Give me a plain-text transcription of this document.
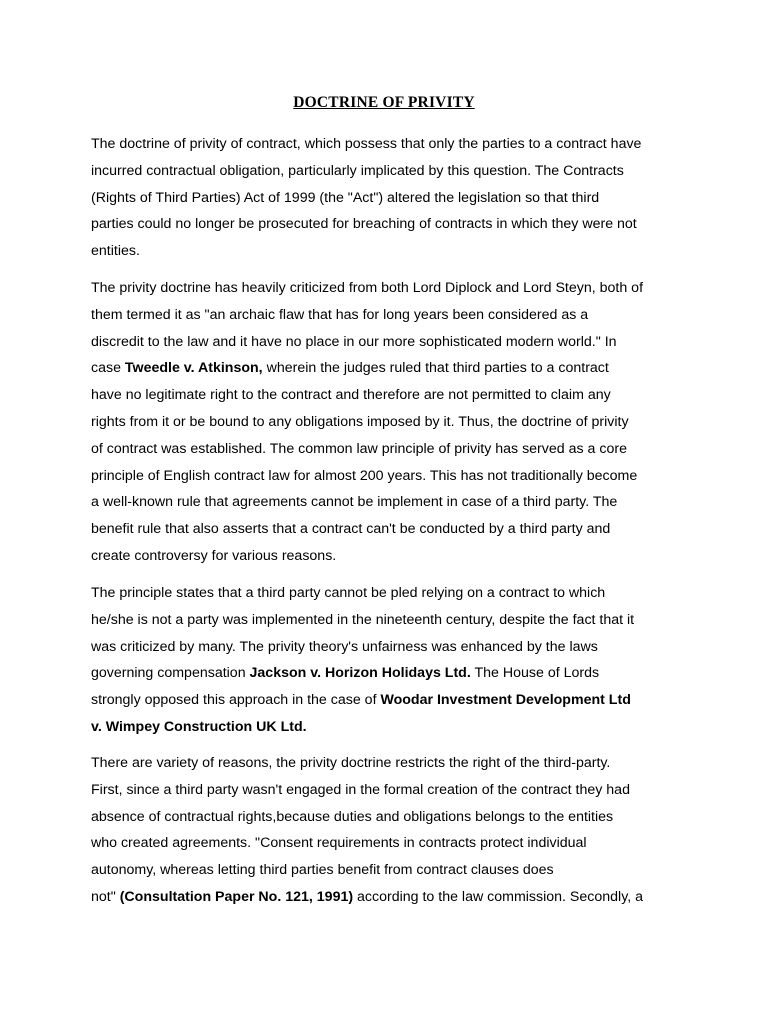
DOCTRINE OF PRIVITY
The doctrine of privity of contract, which possess that only the parties to a contract have
incurred contractual obligation, particularly implicated by this question. The Contracts
(Rights of Third Parties) Act of 1999 (the "Act") altered the legislation so that third
parties could no longer be prosecuted for breaching of contracts in which they were not
entities.
The privity doctrine has heavily criticized from both Lord Diplock and Lord Steyn, both of
them termed it as "an archaic flaw that has for long years been considered as a
discredit to the law and it have no place in our more sophisticated modern world." In
case Tweedle v. Atkinson, wherein the judges ruled that third parties to a contract
have no legitimate right to the contract and therefore are not permitted to claim any
rights from it or be bound to any obligations imposed by it. Thus, the doctrine of privity
of contract was established. The common law principle of privity has served as a core
principle of English contract law for almost 200 years. This has not traditionally become
a well-known rule that agreements cannot be implement in case of a third party. The
benefit rule that also asserts that a contract can't be conducted by a third party and
create controversy for various reasons.
The principle states that a third party cannot be pled relying on a contract to which
he/she is not a party was implemented in the nineteenth century, despite the fact that it
was criticized by many. The privity theory's unfairness was enhanced by the laws
governing compensation Jackson v. Horizon Holidays Ltd. The House of Lords
strongly opposed this approach in the case of Woodar Investment Development Ltd
v. Wimpey Construction UK Ltd.
There are variety of reasons, the privity doctrine restricts the right of the third-party.
First, since a third party wasn't engaged in the formal creation of the contract they had
absence of contractual rights,because duties and obligations belongs to the entities
who created agreements. "Consent requirements in contracts protect individual
autonomy, whereas letting third parties benefit from contract clauses does
not" (Consultation Paper No. 121, 1991) according to the law commission. Secondly, a
